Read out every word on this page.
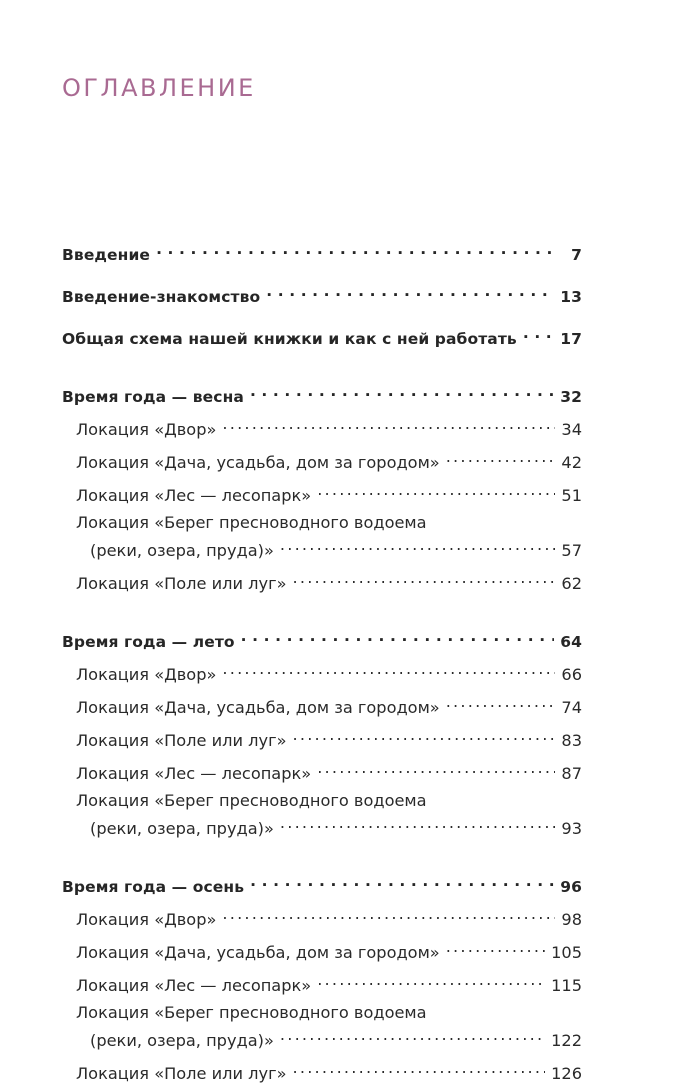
ОГЛАВЛЕНИЕ
Введение . . .	7
Введение-знакомство . . .	13
Общая схема нашей книжки и как с ней работать . . .	17
Время года — весна . . .	32
Локация «Двор» .....	34
Локация «Дача, усадьба, дом за городом» .....	42
Локация «Лес — лесопарк» .....	51
Локация «Берег пресноводного водоема
(реки, озера, пруда)» .....	57
Локация «Поле или луг» .....	62
Время года — лето . . .	64
Локация «Двор» .....	66
Локация «Дача, усадьба, дом за городом» .....	74
Локация «Поле или луг» .....	83
Локация «Лес — лесопарк» .....	87
Локация «Берег пресноводного водоема
(реки, озера, пруда)» .....	93
Время года — осень . . .	96
Локация «Двор» .....	98
Локация «Дача, усадьба, дом за городом» .....	105
Локация «Лес — лесопарк» .....	115
Локация «Берег пресноводного водоема
(реки, озера, пруда)» .....	122
Локация «Поле или луг» .....	126
